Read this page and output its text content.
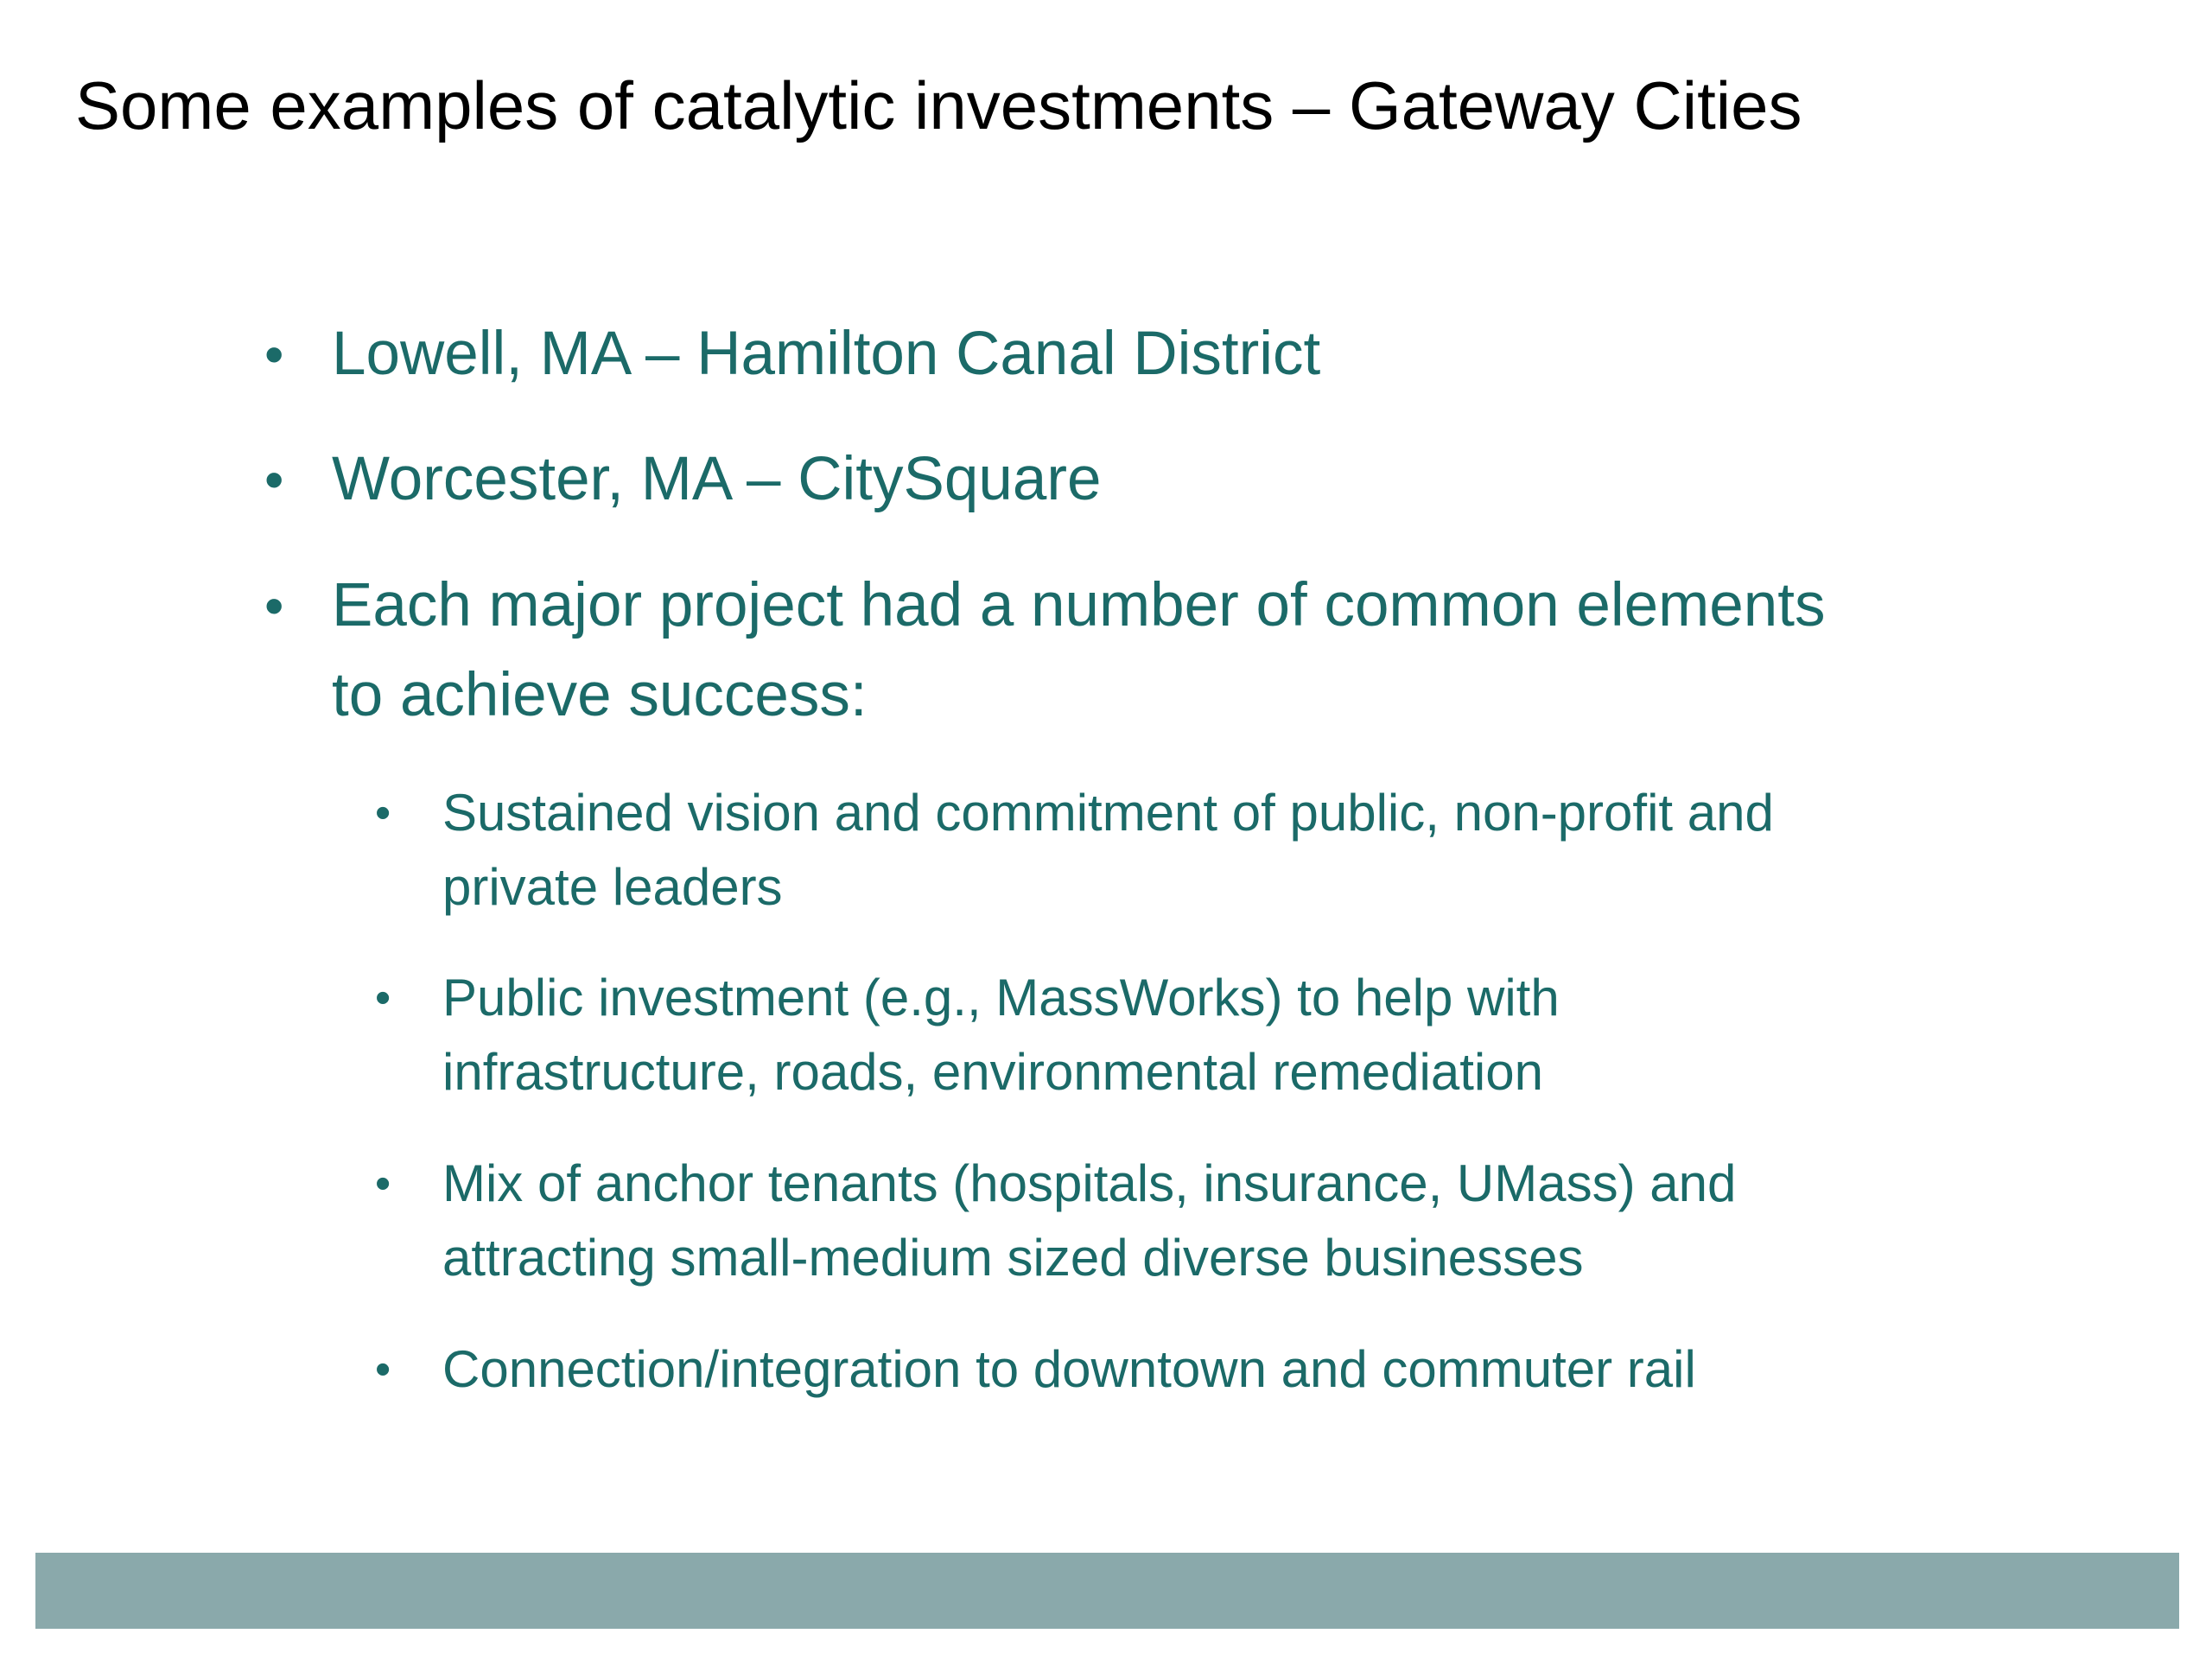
Some examples of catalytic investments – Gateway Cities
• Lowell, MA – Hamilton Canal District
• Worcester, MA – CitySquare
• Each major project had a number of common elements
to achieve success:
• Sustained vision and commitment of public, non-profit and
private leaders
• Public investment (e.g., MassWorks) to help with
infrastructure, roads, environmental remediation
• Mix of anchor tenants (hospitals, insurance, UMass) and
attracting small-medium sized diverse businesses
• Connection/integration to downtown and commuter rail
